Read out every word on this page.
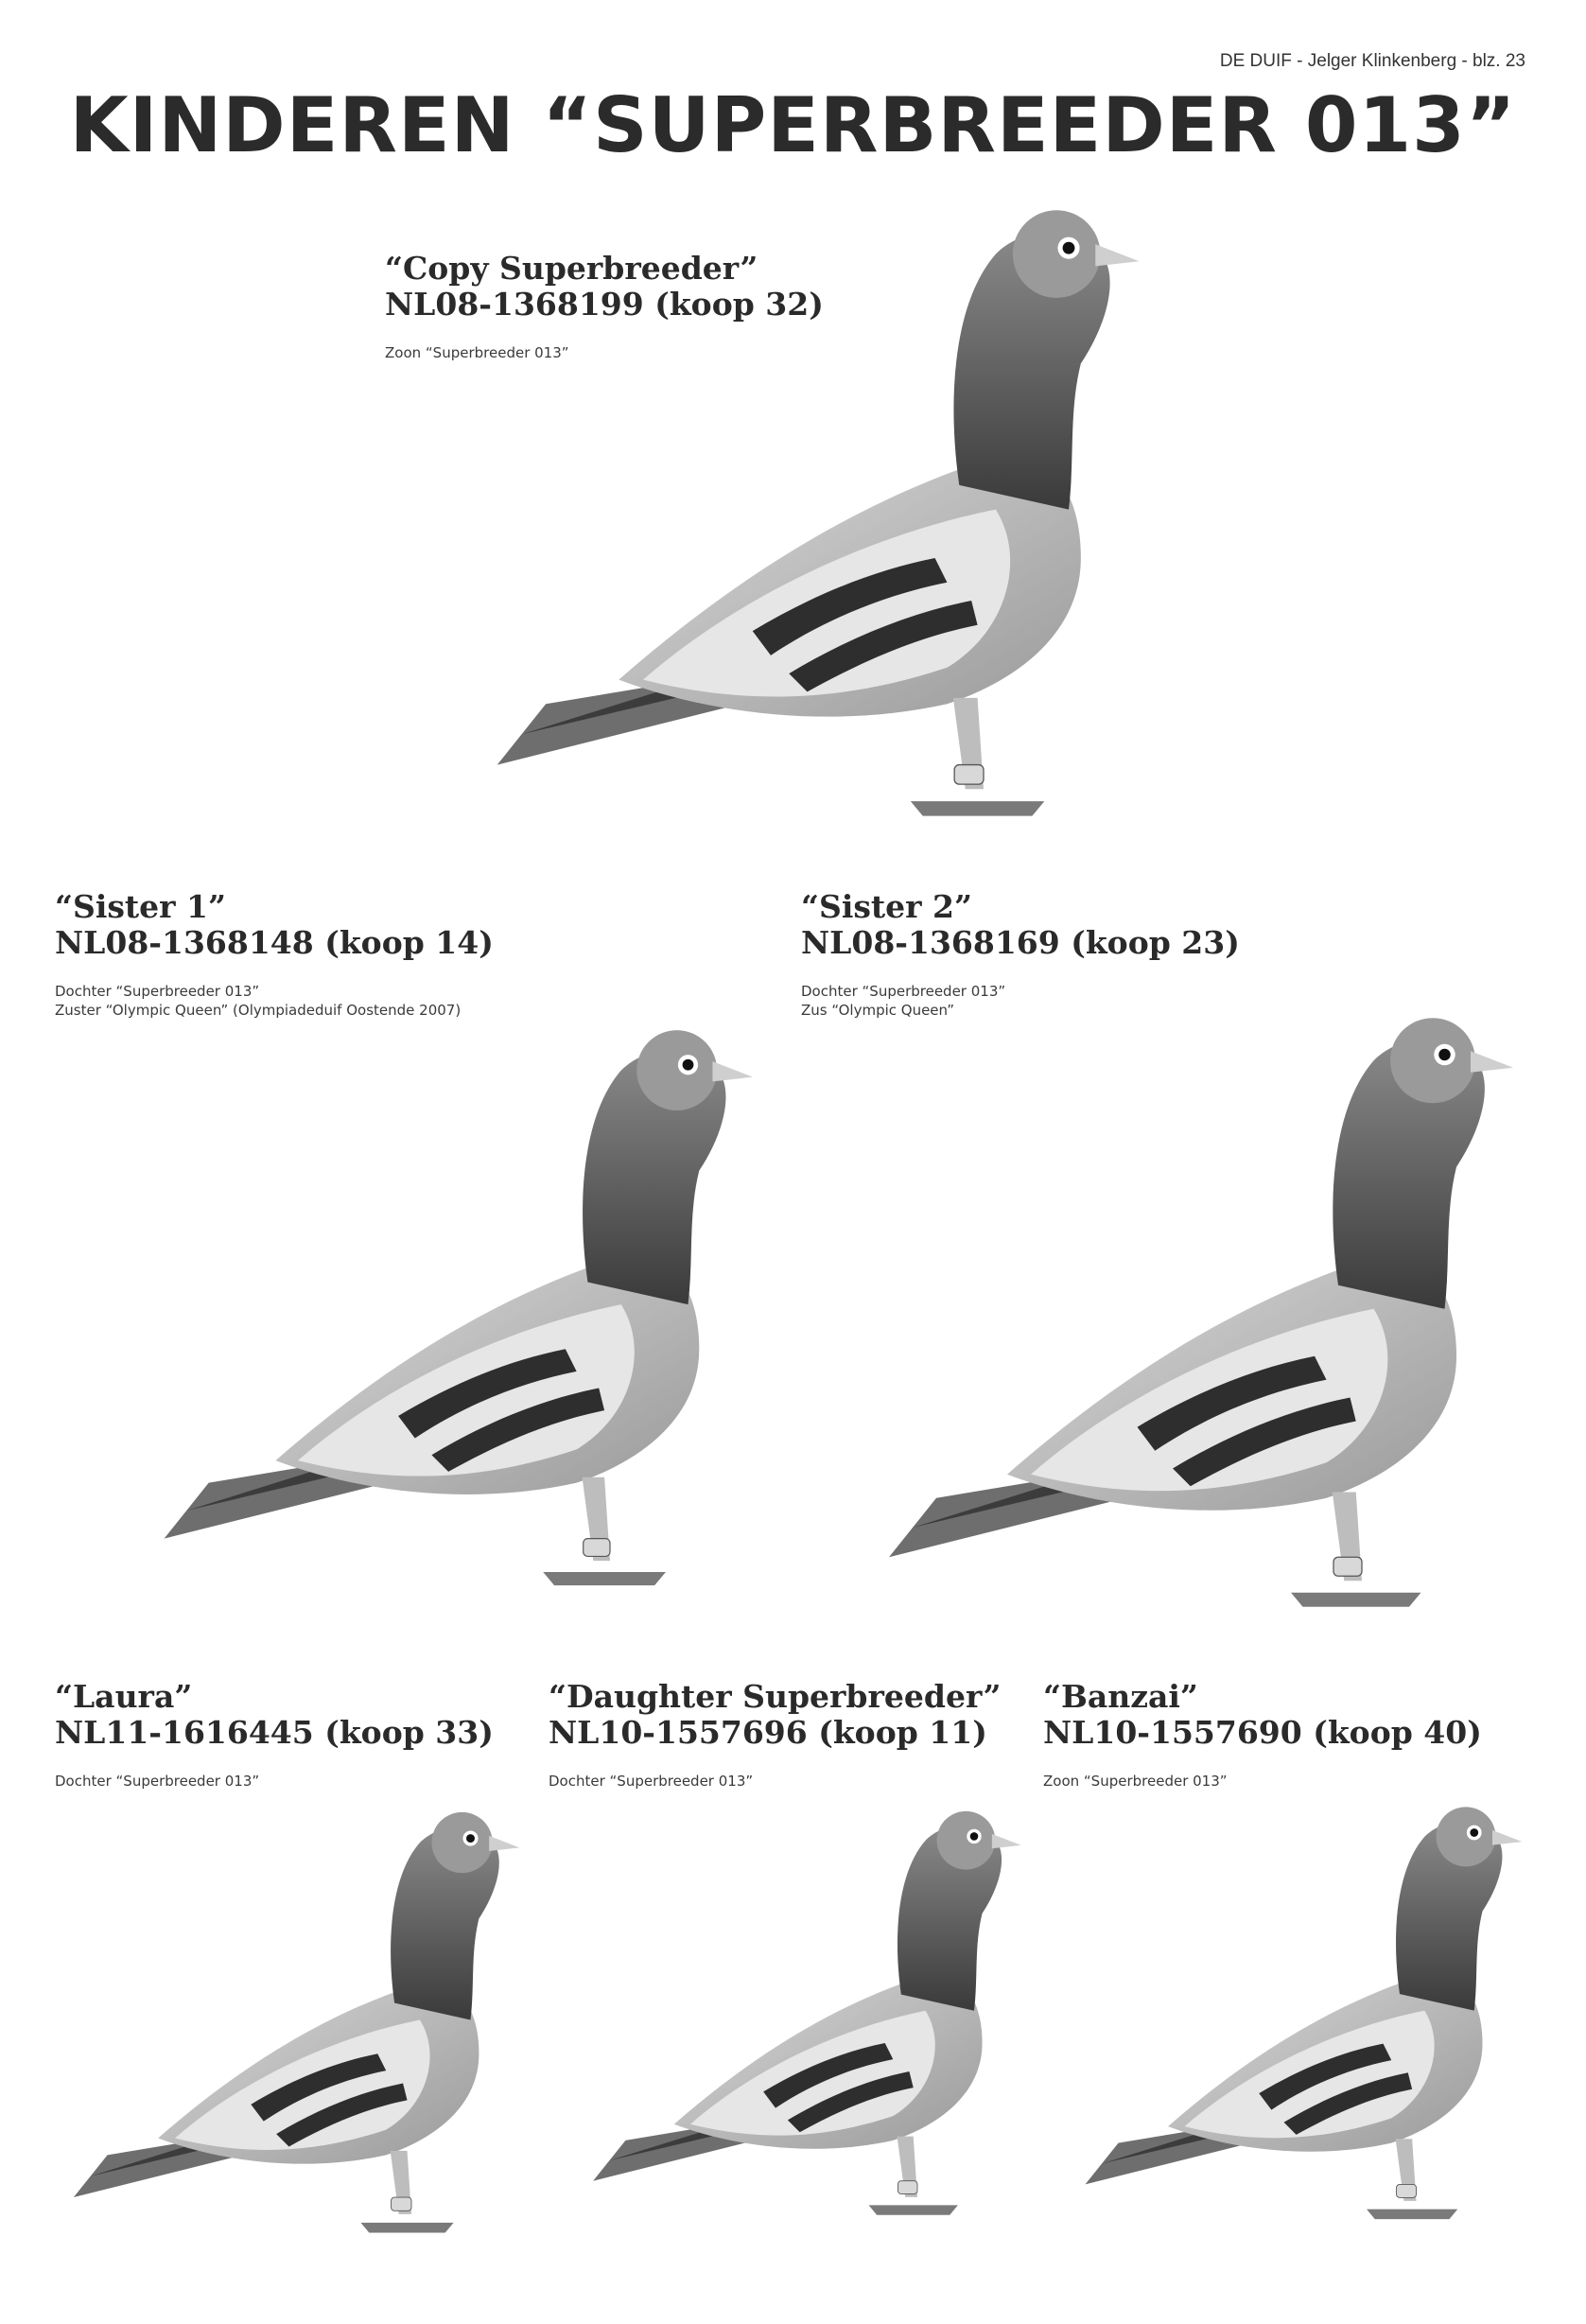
DE DUIF - Jelger Klinkenberg - blz. 23
KINDEREN “SUPERBREEDER 013”
“Copy Superbreeder”
NL08-1368199 (koop 32)
Zoon “Superbreeder 013”
“Sister 1”
NL08-1368148 (koop 14)
Dochter “Superbreeder 013”
Zuster “Olympic Queen” (Olympiadeduif Oostende 2007)
“Sister 2”
NL08-1368169 (koop 23)
Dochter “Superbreeder 013”
Zus “Olympic Queen”
“Laura”
NL11-1616445 (koop 33)
Dochter “Superbreeder 013”
“Daughter Superbreeder”
NL10-1557696 (koop 11)
Dochter “Superbreeder 013”
“Banzai”
NL10-1557690 (koop 40)
Zoon “Superbreeder 013”
